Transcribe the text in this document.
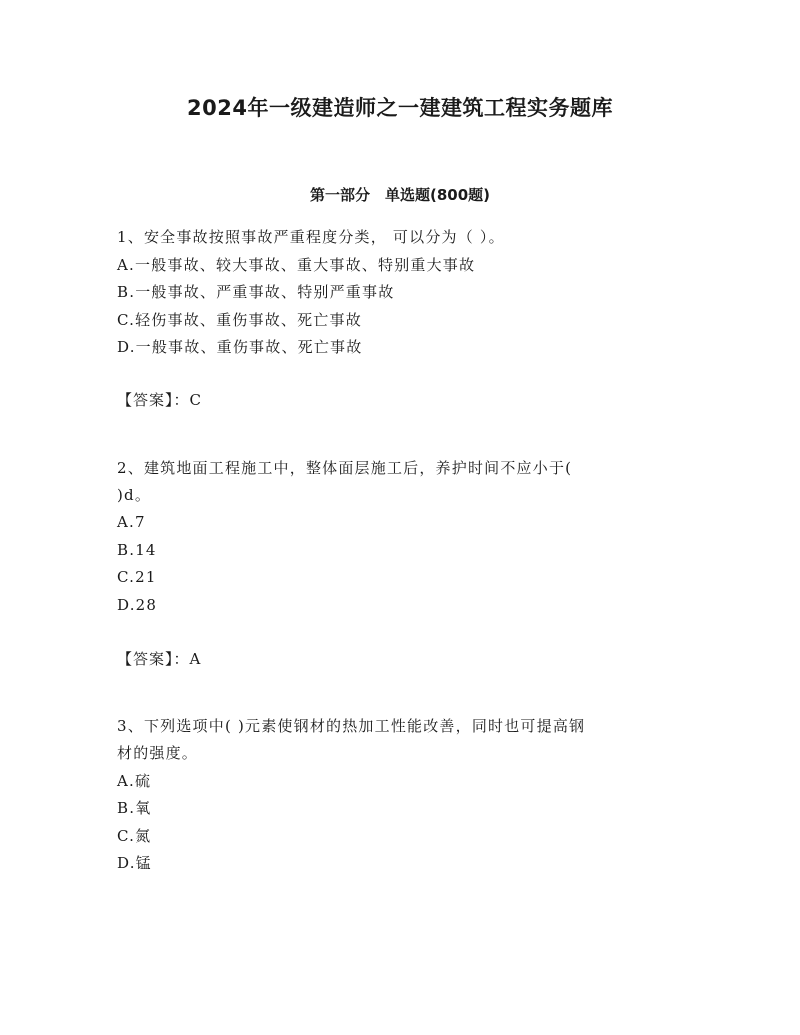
2024年一级建造师之一建建筑工程实务题库
第一部分　单选题(800题)
1、安全事故按照事故严重程度分类， 可以分为（ ）。
A.一般事故、较大事故、重大事故、特别重大事故
B.一般事故、严重事故、特别严重事故
C.轻伤事故、重伤事故、死亡事故
D.一般事故、重伤事故、死亡事故
【答案】：C
2、建筑地面工程施工中，整体面层施工后，养护时间不应小于(
)d。
A.7
B.14
C.21
D.28
【答案】：A
3、下列选项中( )元素使钢材的热加工性能改善，同时也可提高钢
材的强度。
A.硫
B.氧
C.氮
D.锰
